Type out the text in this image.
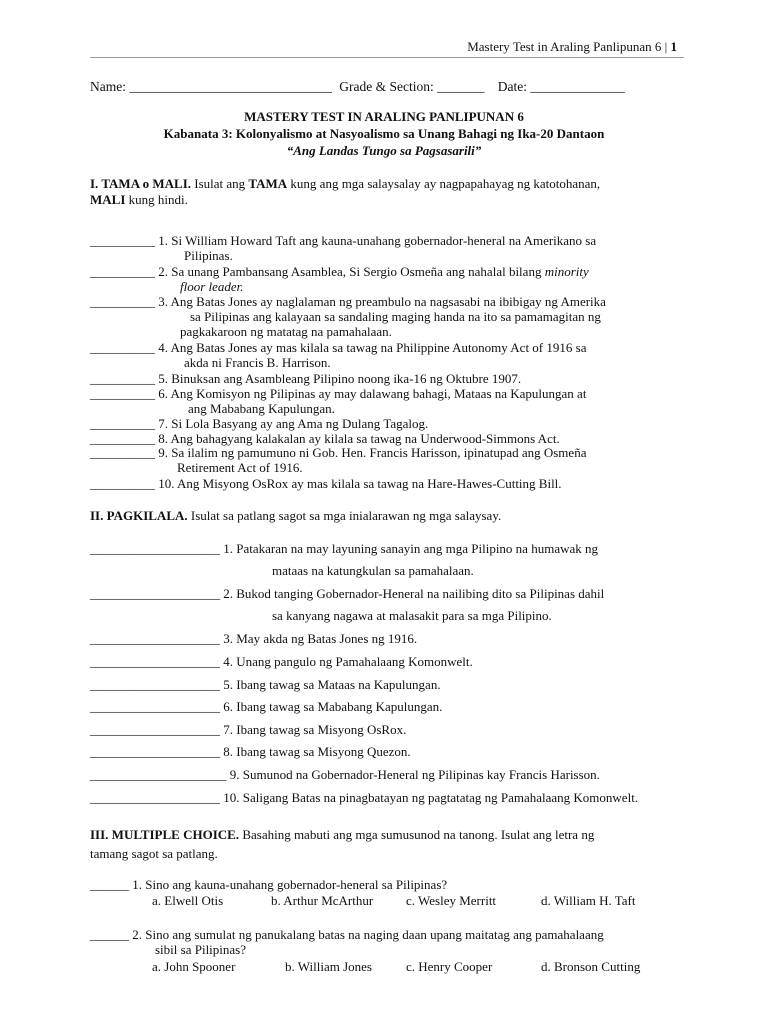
Mastery Test in Araling Panlipunan 6 | 1
Name: ______________________________ Grade & Section: _______ Date: ______________
MASTERY TEST IN ARALING PANLIPUNAN 6
Kabanata 3: Kolonyalismo at Nasyoalismo sa Unang Bahagi ng Ika-20 Dantaon
“Ang Landas Tungo sa Pagsasarili”
I. TAMA o MALI. Isulat ang TAMA kung ang mga salaysalay ay nagpapahayag ng katotohanan,
MALI kung hindi.
__________ 1. Si William Howard Taft ang kauna-unahang gobernador-heneral na Amerikano sa
Pilipinas.
__________ 2. Sa unang Pambansang Asamblea, Si Sergio Osmeña ang nahalal bilang minority
floor leader.
__________ 3. Ang Batas Jones ay naglalaman ng preambulo na nagsasabi na ibibigay ng Amerika
sa Pilipinas ang kalayaan sa sandaling maging handa na ito sa pamamagitan ng
pagkakaroon ng matatag na pamahalaan.
__________ 4. Ang Batas Jones ay mas kilala sa tawag na Philippine Autonomy Act of 1916 sa
akda ni Francis B. Harrison.
__________ 5. Binuksan ang Asambleang Pilipino noong ika-16 ng Oktubre 1907.
__________ 6. Ang Komisyon ng Pilipinas ay may dalawang bahagi, Mataas na Kapulungan at
ang Mababang Kapulungan.
__________ 7. Si Lola Basyang ay ang Ama ng Dulang Tagalog.
__________ 8. Ang bahagyang kalakalan ay kilala sa tawag na Underwood-Simmons Act.
__________ 9. Sa ilalim ng pamumuno ni Gob. Hen. Francis Harisson, ipinatupad ang Osmeña
Retirement Act of 1916.
__________ 10. Ang Misyong OsRox ay mas kilala sa tawag na Hare-Hawes-Cutting Bill.
II. PAGKILALA. Isulat sa patlang sagot sa mga inialarawan ng mga salaysay.
____________________ 1. Patakaran na may layuning sanayin ang mga Pilipino na humawak ng
mataas na katungkulan sa pamahalaan.
____________________ 2. Bukod tanging Gobernador-Heneral na nailibing dito sa Pilipinas dahil
sa kanyang nagawa at malasakit para sa mga Pilipino.
____________________ 3. May akda ng Batas Jones ng 1916.
____________________ 4. Unang pangulo ng Pamahalaang Komonwelt.
____________________ 5. Ibang tawag sa Mataas na Kapulungan.
____________________ 6. Ibang tawag sa Mababang Kapulungan.
____________________ 7. Ibang tawag sa Misyong OsRox.
____________________ 8. Ibang tawag sa Misyong Quezon.
_____________________ 9. Sumunod na Gobernador-Heneral ng Pilipinas kay Francis Harisson.
____________________ 10. Saligang Batas na pinagbatayan ng pagtatatag ng Pamahalaang Komonwelt.
III. MULTIPLE CHOICE. Basahing mabuti ang mga sumusunod na tanong. Isulat ang letra ng
tamang sagot sa patlang.
______ 1. Sino ang kauna-unahang gobernador-heneral sa Pilipinas?
a. Elwell Otis	b. Arthur McArthur	c. Wesley Merritt	d. William H. Taft
______ 2. Sino ang sumulat ng panukalang batas na naging daan upang maitatag ang pamahalaang
sibil sa Pilipinas?
a. John Spooner	b. William Jones	c. Henry Cooper	d. Bronson Cutting
